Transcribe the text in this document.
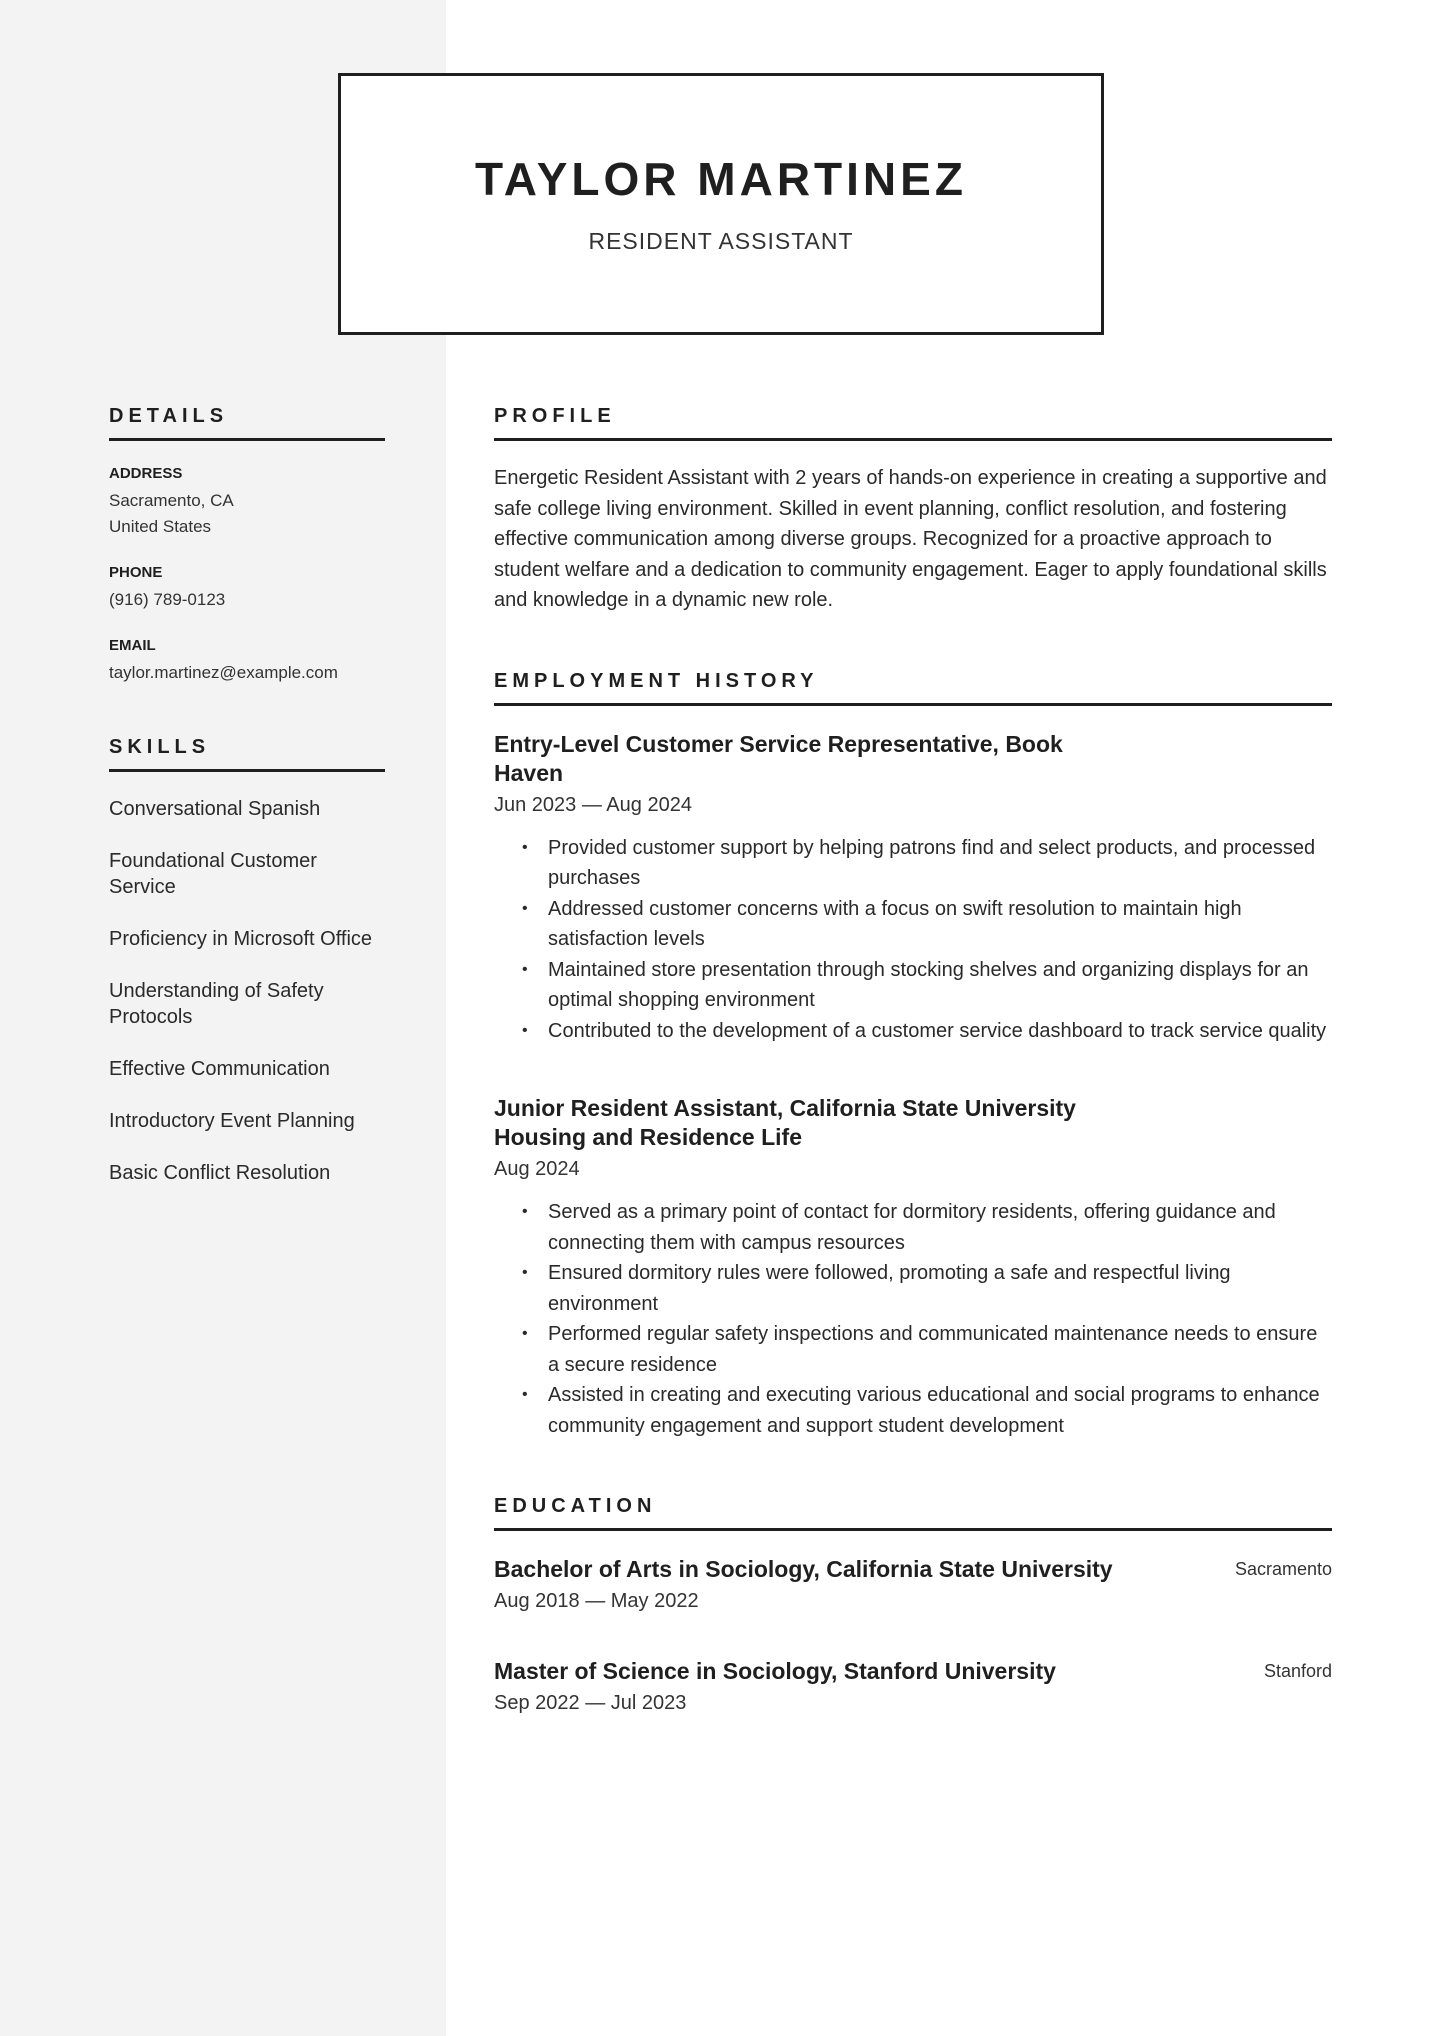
TAYLOR MARTINEZ
RESIDENT ASSISTANT
DETAILS
ADDRESS
Sacramento, CA
United States
PHONE
(916) 789-0123
EMAIL
taylor.martinez@example.com
SKILLS
Conversational Spanish
Foundational Customer Service
Proficiency in Microsoft Office
Understanding of Safety Protocols
Effective Communication
Introductory Event Planning
Basic Conflict Resolution
PROFILE
Energetic Resident Assistant with 2 years of hands-on experience in creating a supportive and safe college living environment. Skilled in event planning, conflict resolution, and fostering effective communication among diverse groups. Recognized for a proactive approach to student welfare and a dedication to community engagement. Eager to apply foundational skills and knowledge in a dynamic new role.
EMPLOYMENT HISTORY
Entry-Level Customer Service Representative, Book Haven
Jun 2023 — Aug 2024
• Provided customer support by helping patrons find and select products, and processed purchases
• Addressed customer concerns with a focus on swift resolution to maintain high satisfaction levels
• Maintained store presentation through stocking shelves and organizing displays for an optimal shopping environment
• Contributed to the development of a customer service dashboard to track service quality
Junior Resident Assistant, California State University Housing and Residence Life
Aug 2024
• Served as a primary point of contact for dormitory residents, offering guidance and connecting them with campus resources
• Ensured dormitory rules were followed, promoting a safe and respectful living environment
• Performed regular safety inspections and communicated maintenance needs to ensure a secure residence
• Assisted in creating and executing various educational and social programs to enhance community engagement and support student development
EDUCATION
Bachelor of Arts in Sociology, California State University	Sacramento
Aug 2018 — May 2022
Master of Science in Sociology, Stanford University	Stanford
Sep 2022 — Jul 2023
